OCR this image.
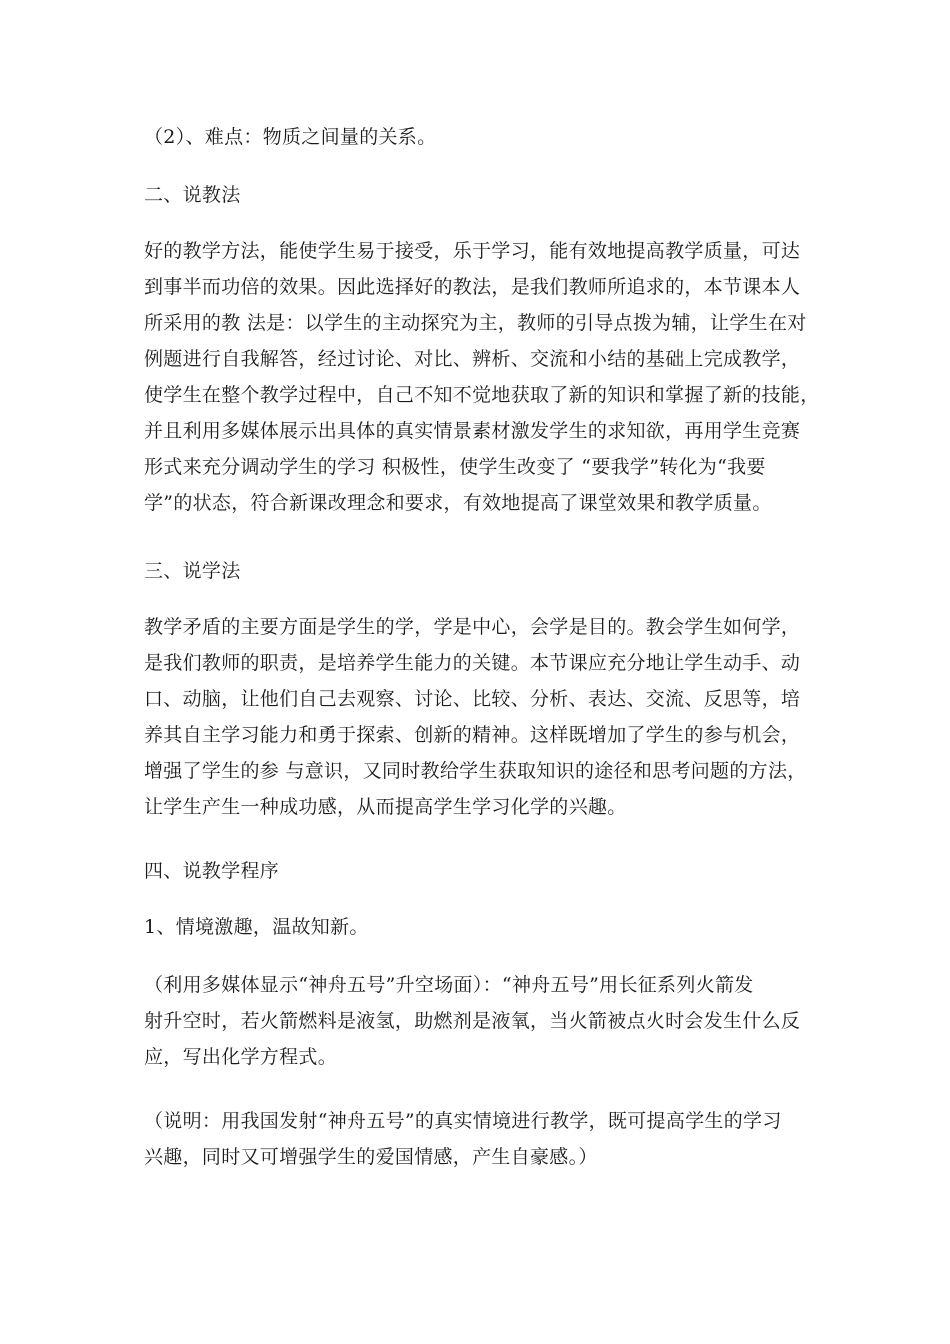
（2）、难点：物质之间量的关系。
二、说教法
好的教学方法，能使学生易于接受，乐于学习，能有效地提高教学质量，可达
到事半而功倍的效果。因此选择好的教法，是我们教师所追求的，本节课本人
所采用的教 法是：以学生的主动探究为主，教师的引导点拨为辅，让学生在对
例题进行自我解答，经过讨论、对比、辨析、交流和小结的基础上完成教学，
使学生在整个教学过程中，自己不知不觉地获取了新的知识和掌握了新的技能，
并且利用多媒体展示出具体的真实情景素材激发学生的求知欲，再用学生竞赛
形式来充分调动学生的学习 积极性，使学生改变了 “要我学”转化为“我要
学”的状态，符合新课改理念和要求，有效地提高了课堂效果和教学质量。
三、说学法
教学矛盾的主要方面是学生的学，学是中心，会学是目的。教会学生如何学，
是我们教师的职责，是培养学生能力的关键。本节课应充分地让学生动手、动
口、动脑，让他们自己去观察、讨论、比较、分析、表达、交流、反思等，培
养其自主学习能力和勇于探索、创新的精神。这样既增加了学生的参与机会，
增强了学生的参 与意识，又同时教给学生获取知识的途径和思考问题的方法，
让学生产生一种成功感，从而提高学生学习化学的兴趣。
四、说教学程序
1、情境激趣，温故知新。
（利用多媒体显示“神舟五号”升空场面）：“神舟五号”用长征系列火箭发
射升空时，若火箭燃料是液氢，助燃剂是液氧，当火箭被点火时会发生什么反
应，写出化学方程式。
（说明：用我国发射“神舟五号”的真实情境进行教学，既可提高学生的学习
兴趣，同时又可增强学生的爱国情感，产生自豪感。）
